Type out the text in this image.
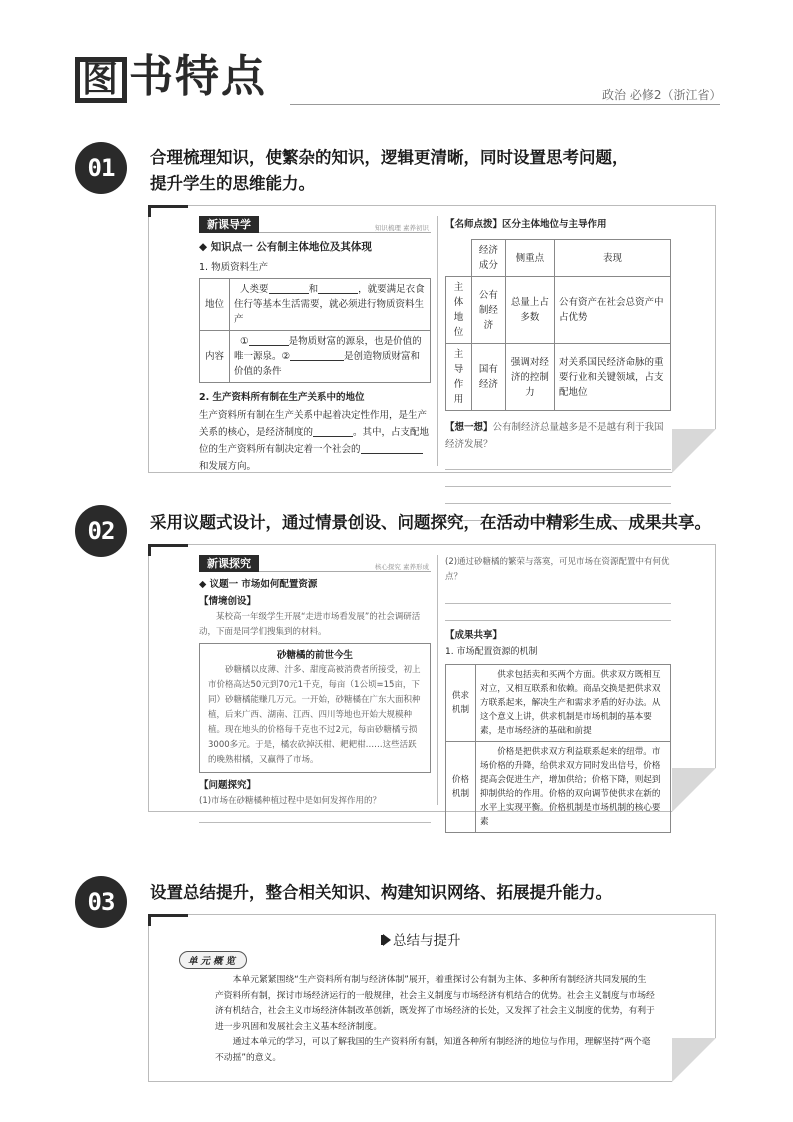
图 书特点	政治 必修2（浙江省）
01	合理梳理知识，使繁杂的知识，逻辑更清晰，同时设置思考问题，
提升学生的思维能力。
新课导学	知识梳理 素养初识
◆ 知识点一 公有制主体地位及其体现
1. 物质资料生产
地位	人类要 和 ，就要满足衣食住行等基本生活需要，就必须进行物质资料生产
内容	① 是物质财富的源泉，也是价值的唯一源泉。② 是创造物质财富和价值的条件
2. 生产资料所有制在生产关系中的地位
生产资料所有制在生产关系中起着决定性作用，是生产关系的核心，是经济制度的	。其中，占支配地位的生产资料所有制决定着一个社会的和发展方向。
【名师点拨】区分主体地位与主导作用
	经济成分	侧重点	表现
主体地位	公有制经济	总量上占多数	公有资产在社会总资产中占优势
主导作用	国有经济	强调对经济的控制力	对关系国民经济命脉的重要行业和关键领域，占支配地位
【想一想】公有制经济总量越多是不是越有利于我国经济发展？
02	采用议题式设计，通过情景创设、问题探究，在活动中精彩生成、成果共享。
新课探究	核心探究 素养形成
◆ 议题一 市场如何配置资源
【情境创设】
某校高一年级学生开展“走进市场看发展”的社会调研活动，下面是同学们搜集到的材料。
砂糖橘的前世今生
砂糖橘以皮薄、汁多、甜度高被消费者所接受，初上市价格高达50元到70元1千克，每亩（1公顷=15亩，下同）砂糖橘能赚几万元。一开始，砂糖橘在广东大面积种植，后来广西、湖南、江西、四川等地也开始大规模种植。现在地头的价格每千克也不过2元，每亩砂糖橘亏损3000多元。于是，橘农砍掉沃柑、耙耙柑……这些活跃的晚熟柑橘，又赢得了市场。
【问题探究】
(1)市场在砂糖橘种植过程中是如何发挥作用的？
(2)通过砂糖橘的繁荣与落寞，可见市场在资源配置中有何优点？
【成果共享】
1. 市场配置资源的机制
供求机制	供求包括卖和买两个方面。供求双方既相互对立，又相互联系和依赖。商品交换是把供求双方联系起来，解决生产和需求矛盾的好办法。从这个意义上讲，供求机制是市场机制的基本要素，是市场经济的基础和前提
价格机制	价格是把供求双方利益联系起来的纽带。市场价格的升降，给供求双方同时发出信号，价格提高会促进生产，增加供给；价格下降，则起到抑制供给的作用。价格的双向调节使供求在新的水平上实现平衡。价格机制是市场机制的核心要素
03	设置总结提升，整合相关知识、构建知识网络、拓展提升能力。
总结与提升
单元概览
本单元紧紧围绕“生产资料所有制与经济体制”展开，着重探讨公有制为主体、多种所有制经济共同发展的生产资料所有制，探讨市场经济运行的一般规律，社会主义制度与市场经济有机结合的优势。社会主义制度与市场经济有机结合，社会主义市场经济体制改革创新，既发挥了市场经济的长处，又发挥了社会主义制度的优势，有利于进一步巩固和发展社会主义基本经济制度。
通过本单元的学习，可以了解我国的生产资料所有制，知道各种所有制经济的地位与作用，理解坚持“两个毫不动摇”的意义。
